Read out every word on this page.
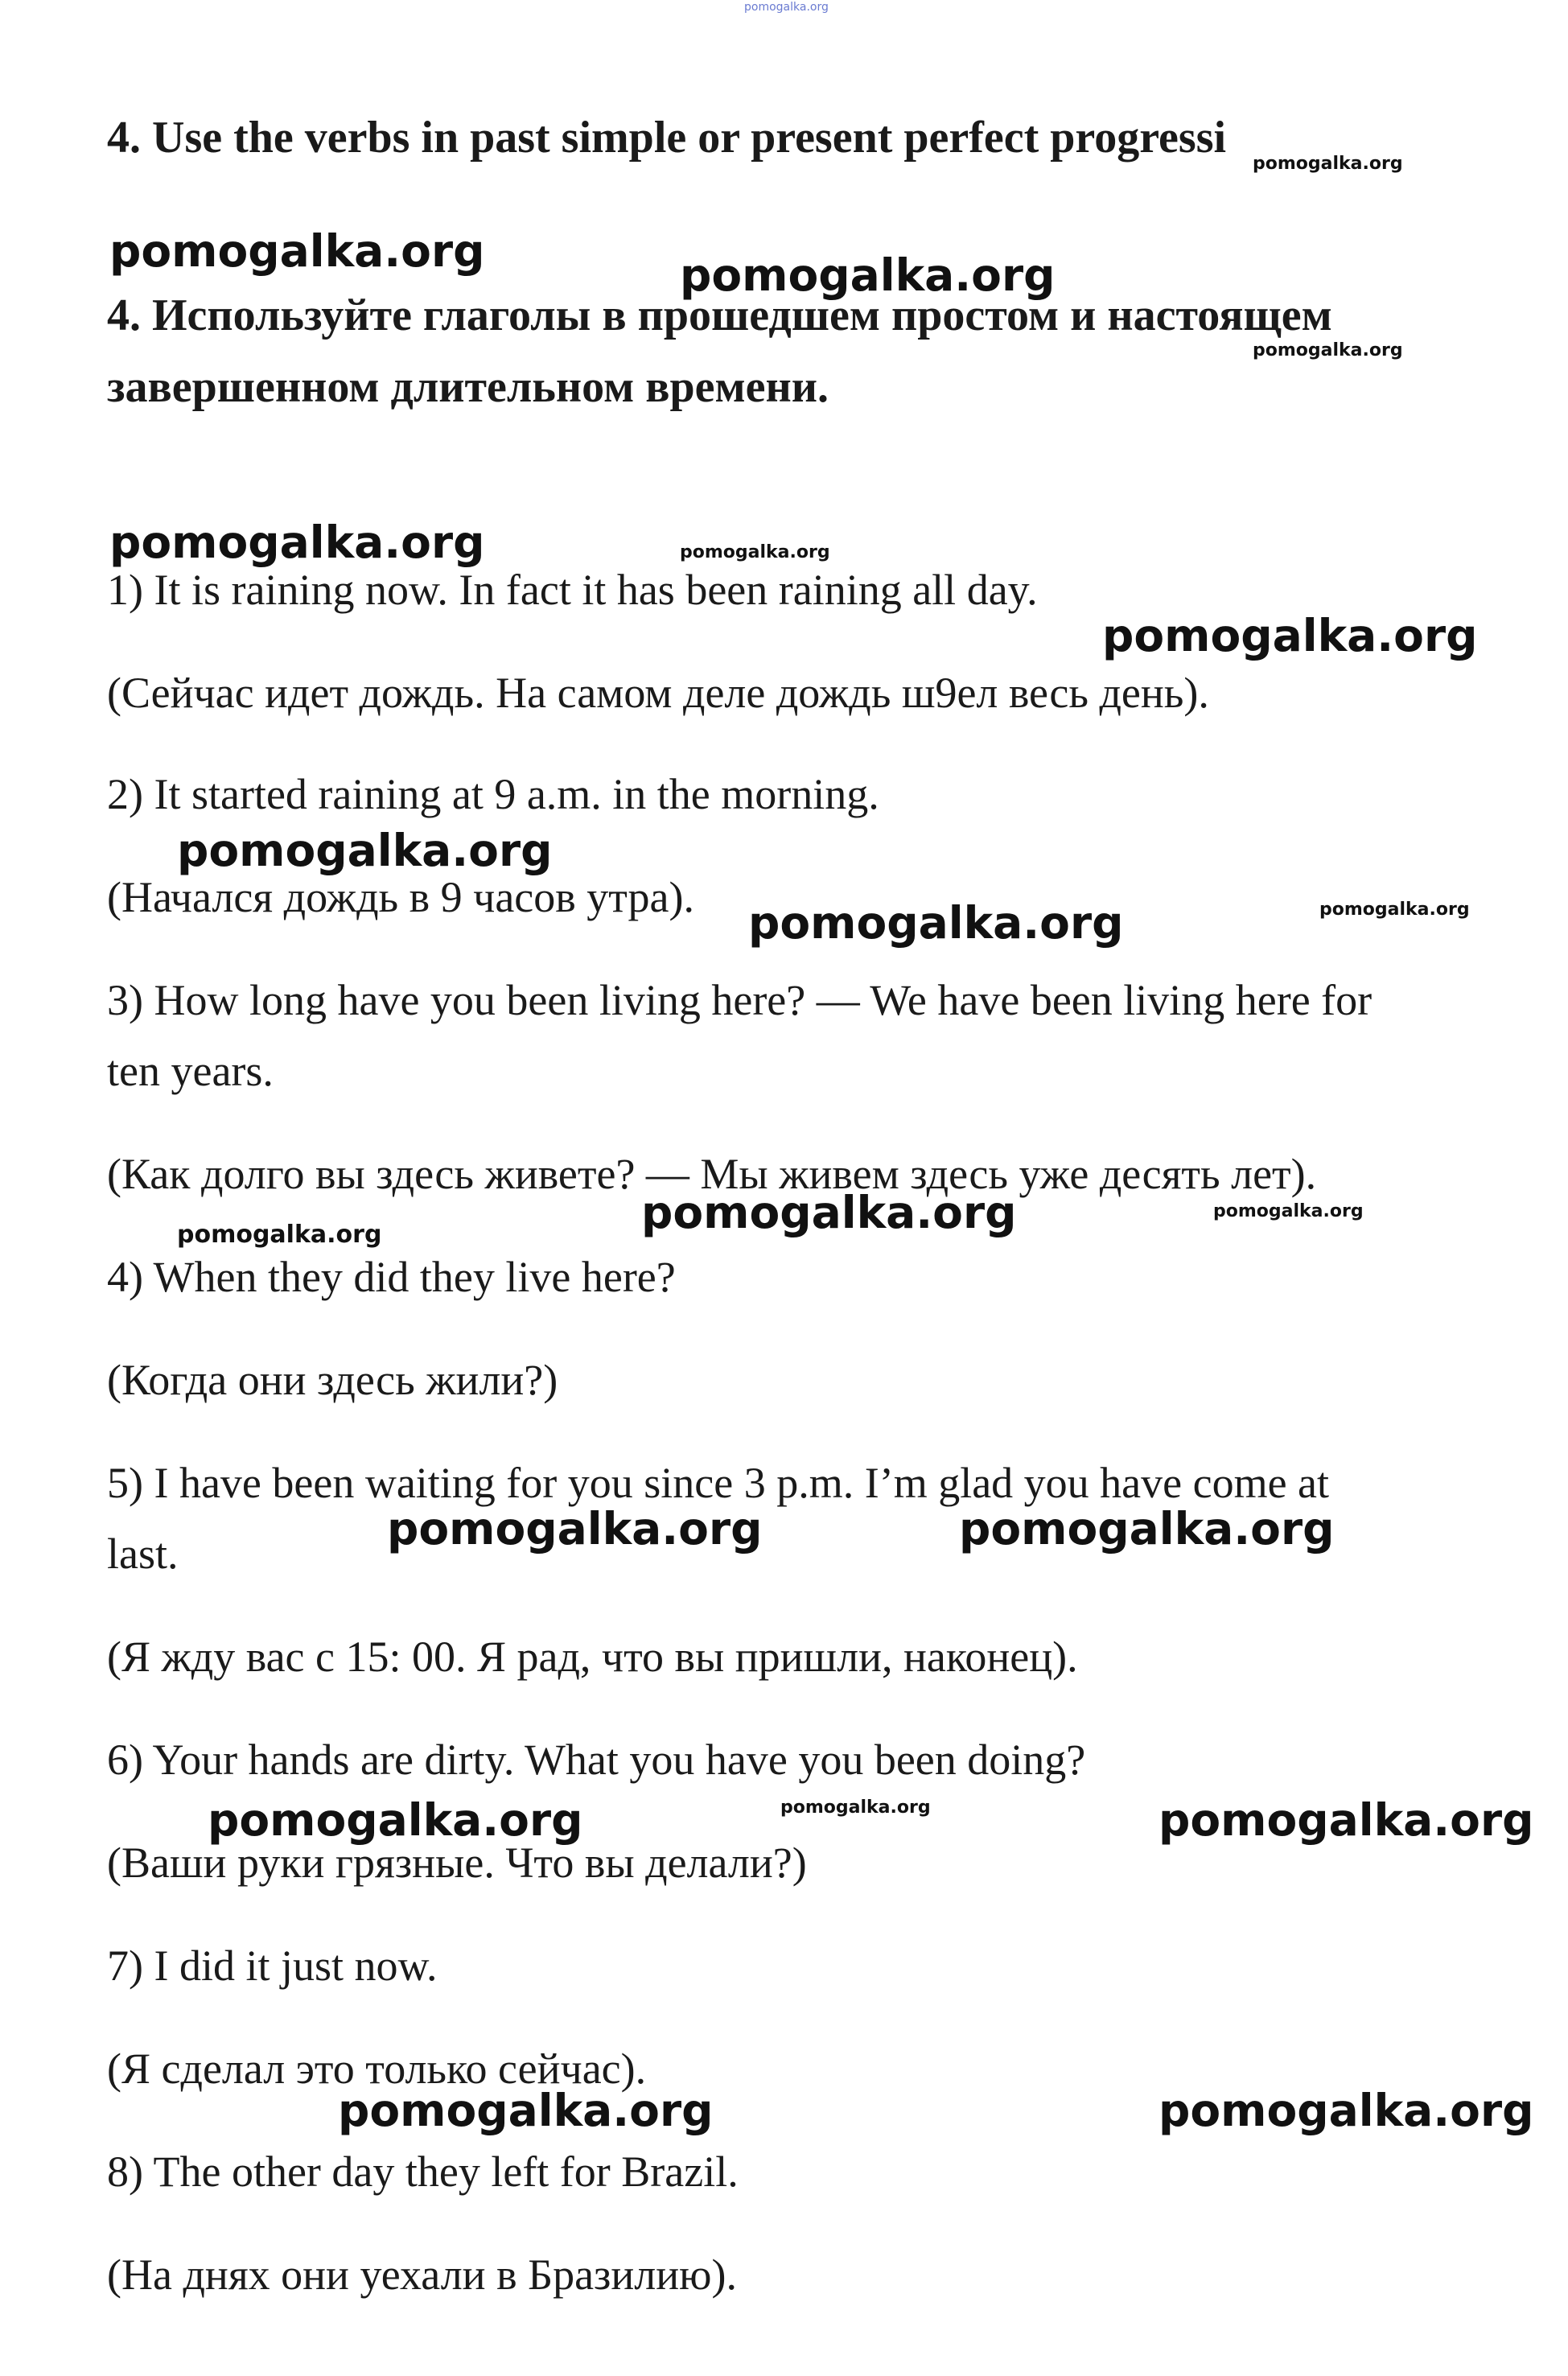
pomogalka.org
4. Use the verbs in past simple or present perfect progressi
4. Используйте глаголы в прошедшем простом и настоящем
завершенном длительном времени.
1) It is raining now. In fact it has been raining all day.
(Сейчас идет дождь. На самом деле дождь ш9ел весь день).
2) It started raining at 9 a.m. in the morning.
(Начался дождь в 9 часов утра).
3) How long have you been living here? — We have been living here for
ten years.
(Как долго вы здесь живете? — Мы живем здесь уже десять лет).
4) When they did they live here?
(Когда они здесь жили?)
5) I have been waiting for you since 3 p.m. I’m glad you have come at
last.
(Я жду вас с 15: 00. Я рад, что вы пришли, наконец).
6) Your hands are dirty. What you have you been doing?
(Ваши руки грязные. Что вы делали?)
7) I did it just now.
(Я сделал это только сейчас).
8) The other day they left for Brazil.
(На днях они уехали в Бразилию).
pomogalka.org
pomogalka.org	pomogalka.org
pomogalka.org
pomogalka.org	pomogalka.org
pomogalka.org
pomogalka.org
pomogalka.org	pomogalka.org
pomogalka.org	pomogalka.org	pomogalka.org
pomogalka.org	pomogalka.org
pomogalka.org	pomogalka.org	pomogalka.org
pomogalka.org	pomogalka.org
